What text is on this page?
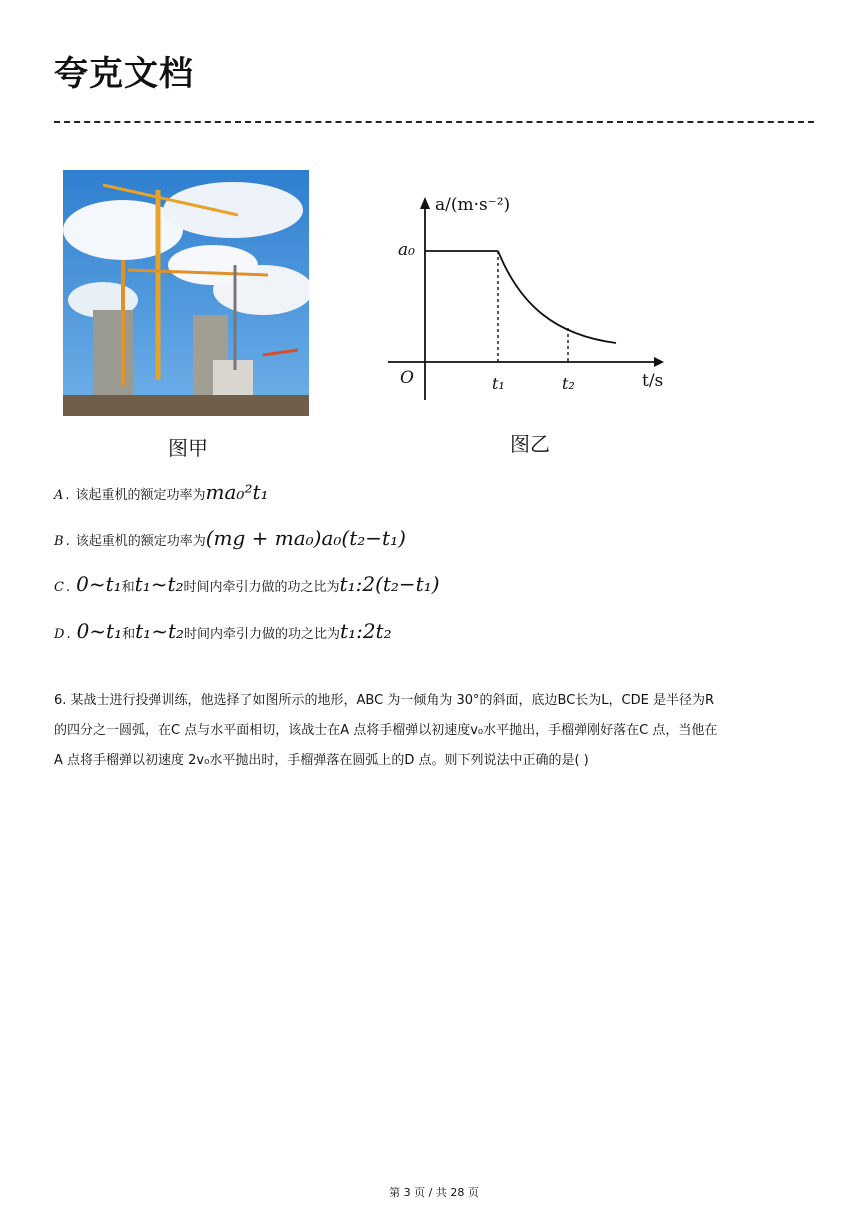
夸克文档
a/(m·s⁻²)
a₀
O	t₁	t₂	t/s
图甲	图乙
A . 该起重机的额定功率为 ma₀²t₁
B . 该起重机的额定功率为 (mg + ma₀)a₀(t₂−t₁)
C . 0~t₁ 和 t₁~t₂ 时间内牵引力做的功之比为 t₁:2(t₂−t₁)
D . 0~t₁ 和 t₁~t₂ 时间内牵引力做的功之比为 t₁:2t₂
6. 某战士进行投弹训练，他选择了如图所示的地形，ABC 为一倾角为 30°的斜面，底边BC长为L，CDE 是半径为R
的四分之一圆弧，在C 点与水平面相切，该战士在A 点将手榴弹以初速度v₀水平抛出，手榴弹刚好落在C 点，当他在
A 点将手榴弹以初速度 2v₀水平抛出时，手榴弹落在圆弧上的D 点。则下列说法中正确的是( )
第 3 页 / 共 28 页
